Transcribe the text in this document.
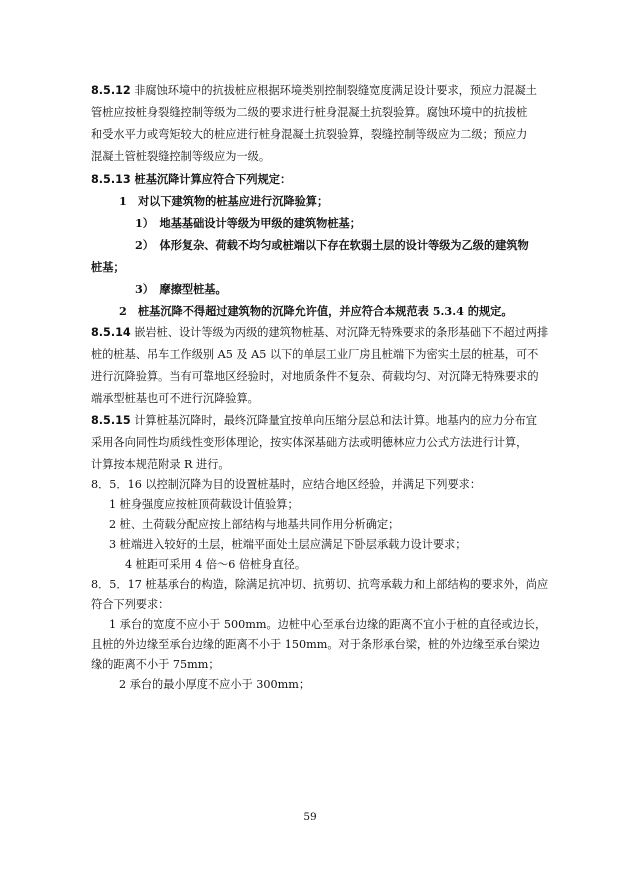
8.5.12 非腐蚀环境中的抗拔桩应根据环境类别控制裂缝宽度满足设计要求，预应力混凝土
管桩应按桩身裂缝控制等级为二级的要求进行桩身混凝土抗裂验算。腐蚀环境中的抗拔桩
和受水平力或弯矩较大的桩应进行桩身混凝土抗裂验算，裂缝控制等级应为二级；预应力
混凝土管桩裂缝控制等级应为一级。
8.5.13 桩基沉降计算应符合下列规定：
1　对以下建筑物的桩基应进行沉降验算；
1）　地基基础设计等级为甲级的建筑物桩基；
2）　体形复杂、荷载不均匀或桩端以下存在软弱土层的设计等级为乙级的建筑物
桩基；
3）　摩擦型桩基。
2　桩基沉降不得超过建筑物的沉降允许值，并应符合本规范表 5.3.4 的规定。
8.5.14 嵌岩桩、设计等级为丙级的建筑物桩基、对沉降无特殊要求的条形基础下不超过两排
桩的桩基、吊车工作级别 A5 及 A5 以下的单层工业厂房且桩端下为密实土层的桩基，可不
进行沉降验算。当有可靠地区经验时，对地质条件不复杂、荷载均匀、对沉降无特殊要求的
端承型桩基也可不进行沉降验算。
8.5.15 计算桩基沉降时，最终沉降量宜按单向压缩分层总和法计算。地基内的应力分布宜
采用各向同性均质线性变形体理论，按实体深基础方法或明德林应力公式方法进行计算，
计算按本规范附录 R 进行。
8．5．16 以控制沉降为目的设置桩基时，应结合地区经验，并满足下列要求：
1 桩身强度应按桩顶荷载设计值验算；
2 桩、土荷载分配应按上部结构与地基共同作用分析确定；
3 桩端进入较好的土层，桩端平面处土层应满足下卧层承载力设计要求；
4 桩距可采用 4 倍～6 倍桩身直径。
8．5．17 桩基承台的构造，除满足抗冲切、抗剪切、抗弯承载力和上部结构的要求外，尚应
符合下列要求：
1 承台的宽度不应小于 500mm。边桩中心至承台边缘的距离不宜小于桩的直径或边长，
且桩的外边缘至承台边缘的距离不小于 150mm。对于条形承台梁，桩的外边缘至承台梁边
缘的距离不小于 75mm；
2 承台的最小厚度不应小于 300mm；
59
